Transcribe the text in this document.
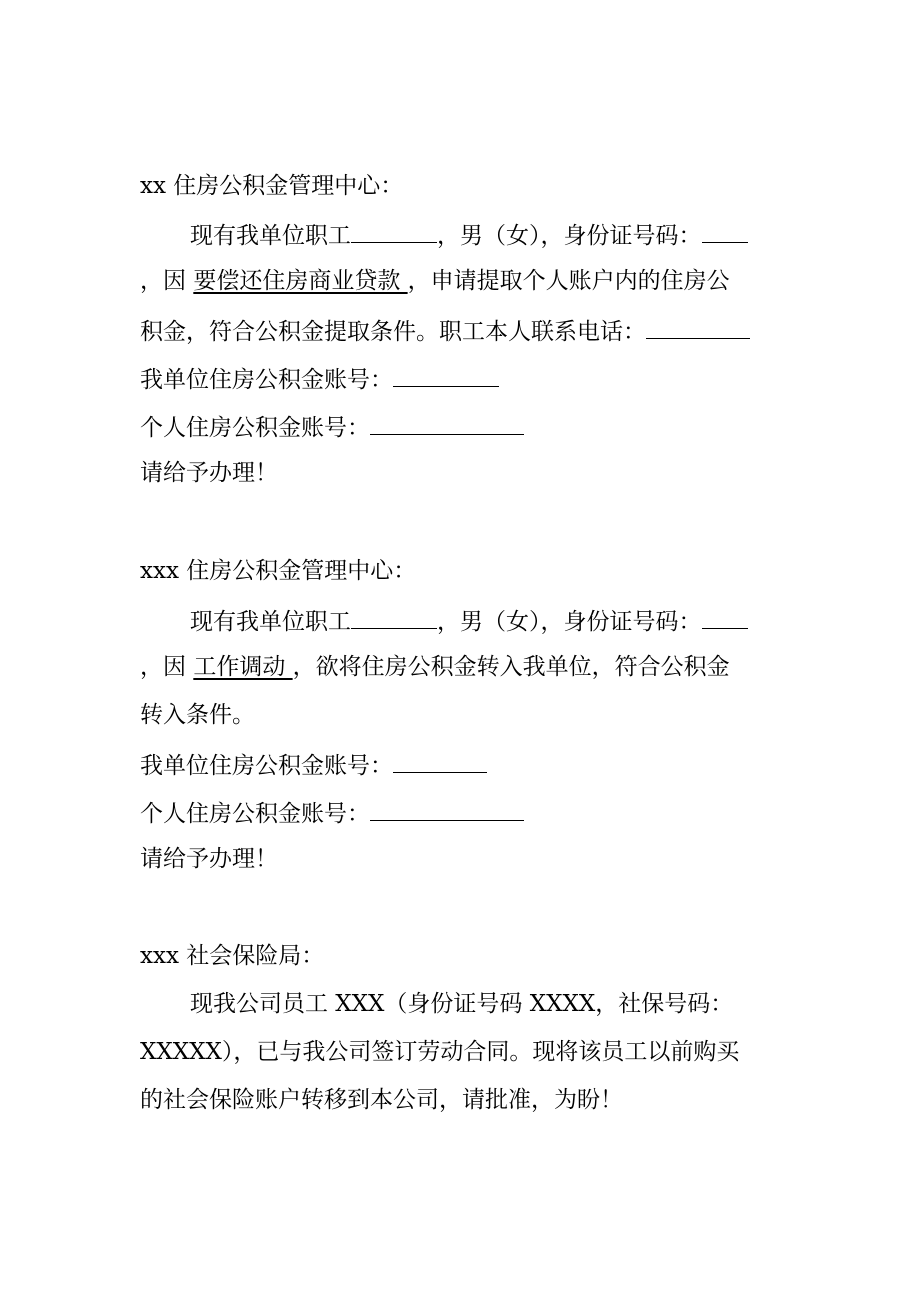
xx 住房公积金管理中心：
现有我单位职工	，男（女），身份证号码：
，因 要偿还住房商业贷款 ，申请提取个人账户内的住房公
积金，符合公积金提取条件。职工本人联系电话：
我单位住房公积金账号：
个人住房公积金账号：
请给予办理！
xxx 住房公积金管理中心：
现有我单位职工	，男（女），身份证号码：
，因 工作调动 ，欲将住房公积金转入我单位，符合公积金
转入条件。
我单位住房公积金账号：
个人住房公积金账号：
请给予办理！
xxx 社会保险局：
现我公司员工 XXX（身份证号码 XXXX，社保号码：
XXXXX），已与我公司签订劳动合同。现将该员工以前购买
的社会保险账户转移到本公司，请批准，为盼！
